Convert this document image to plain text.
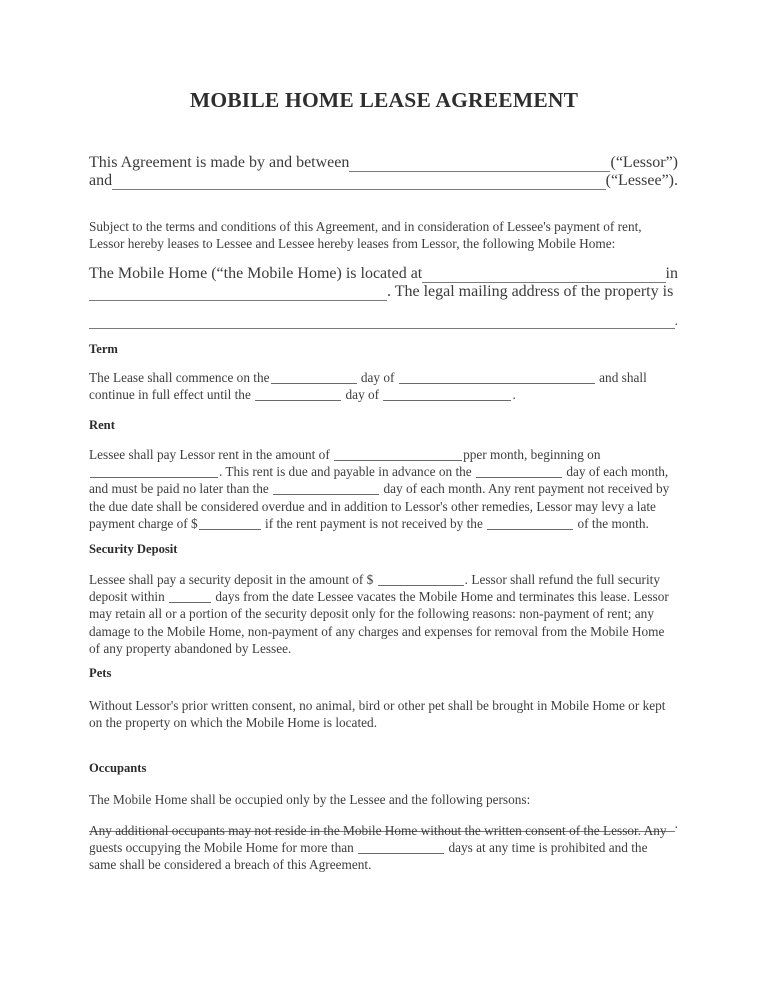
MOBILE HOME LEASE AGREEMENT
This Agreement is made by and between	(“Lessor”)
and	(“Lessee”).

Subject to the terms and conditions of this Agreement, and in consideration of Lessee's payment of rent, Lessor hereby leases to Lessee and Lessee hereby leases from Lessor, the following Mobile Home:

The Mobile Home (“the Mobile Home) is located at	in
. The legal mailing address of the property is
.
Term

The Lease shall commence on the	day of	and shall continue in full effect until the	day of	.

Rent

Lessee shall pay Lessor rent in the amount of	pper month, beginning on . This rent is due and payable in advance on the	day of each month, and must be paid no later than the	day of each month. Any rent payment not received by the due date shall be considered overdue and in addition to Lessor's other remedies, Lessor may levy a late payment charge of $	if the rent payment is not received by the	of the month.

Security Deposit

Lessee shall pay a security deposit in the amount of $	. Lessor shall refund the full security deposit within	days from the date Lessee vacates the Mobile Home and terminates this lease. Lessor may retain all or a portion of the security deposit only for the following reasons: non-payment of rent; any damage to the Mobile Home, non-payment of any charges and expenses for removal from the Mobile Home of any property abandoned by Lessee.

Pets

Without Lessor's prior written consent, no animal, bird or other pet shall be brought in Mobile Home or kept on the property on which the Mobile Home is located.

Occupants

The Mobile Home shall be occupied only by the Lessee and the following persons:

.

Any additional occupants may not reside in the Mobile Home without the written consent of the Lessor. Any guests occupying the Mobile Home for more than	days at any time is prohibited and the same shall be considered a breach of this Agreement.
